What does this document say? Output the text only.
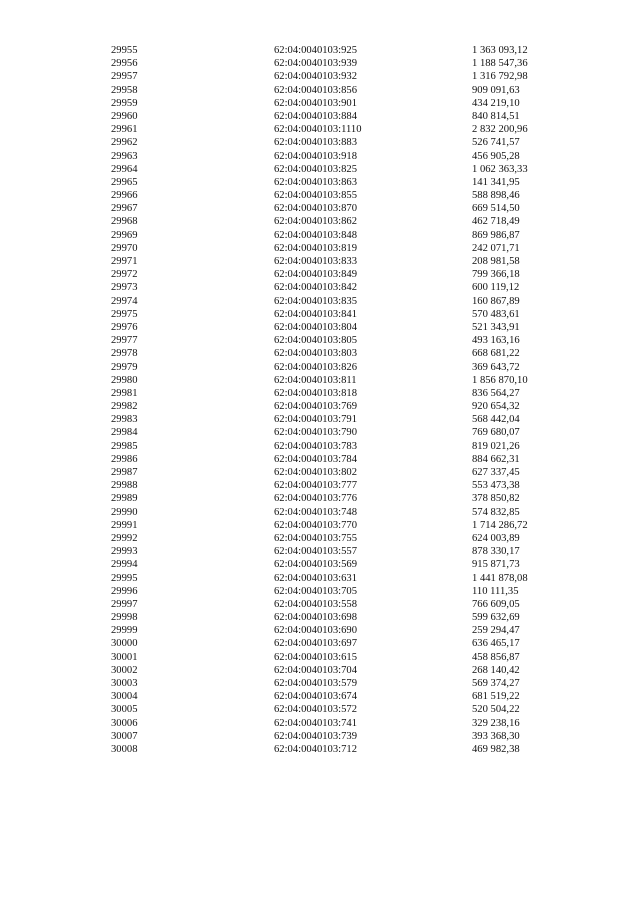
29955	62:04:0040103:925	1 363 093,12
29956	62:04:0040103:939	1 188 547,36
29957	62:04:0040103:932	1 316 792,98
29958	62:04:0040103:856	909 091,63
29959	62:04:0040103:901	434 219,10
29960	62:04:0040103:884	840 814,51
29961	62:04:0040103:1110	2 832 200,96
29962	62:04:0040103:883	526 741,57
29963	62:04:0040103:918	456 905,28
29964	62:04:0040103:825	1 062 363,33
29965	62:04:0040103:863	141 341,95
29966	62:04:0040103:855	588 898,46
29967	62:04:0040103:870	669 514,50
29968	62:04:0040103:862	462 718,49
29969	62:04:0040103:848	869 986,87
29970	62:04:0040103:819	242 071,71
29971	62:04:0040103:833	208 981,58
29972	62:04:0040103:849	799 366,18
29973	62:04:0040103:842	600 119,12
29974	62:04:0040103:835	160 867,89
29975	62:04:0040103:841	570 483,61
29976	62:04:0040103:804	521 343,91
29977	62:04:0040103:805	493 163,16
29978	62:04:0040103:803	668 681,22
29979	62:04:0040103:826	369 643,72
29980	62:04:0040103:811	1 856 870,10
29981	62:04:0040103:818	836 564,27
29982	62:04:0040103:769	920 654,32
29983	62:04:0040103:791	568 442,04
29984	62:04:0040103:790	769 680,07
29985	62:04:0040103:783	819 021,26
29986	62:04:0040103:784	884 662,31
29987	62:04:0040103:802	627 337,45
29988	62:04:0040103:777	553 473,38
29989	62:04:0040103:776	378 850,82
29990	62:04:0040103:748	574 832,85
29991	62:04:0040103:770	1 714 286,72
29992	62:04:0040103:755	624 003,89
29993	62:04:0040103:557	878 330,17
29994	62:04:0040103:569	915 871,73
29995	62:04:0040103:631	1 441 878,08
29996	62:04:0040103:705	110 111,35
29997	62:04:0040103:558	766 609,05
29998	62:04:0040103:698	599 632,69
29999	62:04:0040103:690	259 294,47
30000	62:04:0040103:697	636 465,17
30001	62:04:0040103:615	458 856,87
30002	62:04:0040103:704	268 140,42
30003	62:04:0040103:579	569 374,27
30004	62:04:0040103:674	681 519,22
30005	62:04:0040103:572	520 504,22
30006	62:04:0040103:741	329 238,16
30007	62:04:0040103:739	393 368,30
30008	62:04:0040103:712	469 982,38
